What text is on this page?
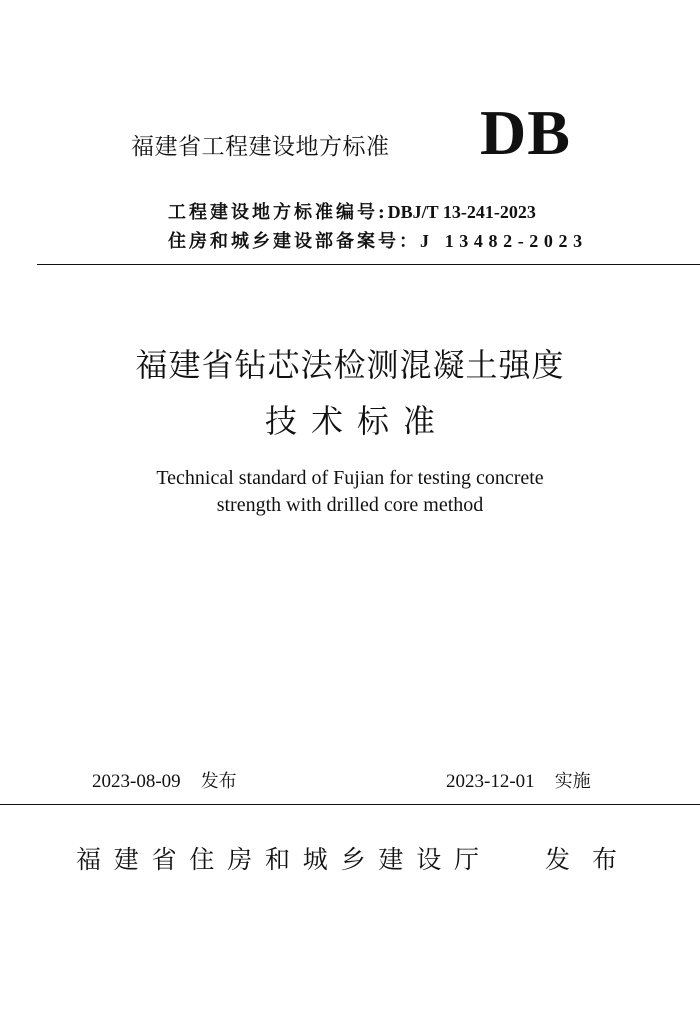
福建省工程建设地方标准 DB
工程建设地方标准编号:DBJ/T 13-241-2023
住房和城乡建设部备案号：J 13482-2023
福建省钻芯法检测混凝土强度
技术标准
Technical standard of Fujian for testing concrete
strength with drilled core method
2023-08-09 发布	2023-12-01 实施
福建省住房和城乡建设厅 发布
